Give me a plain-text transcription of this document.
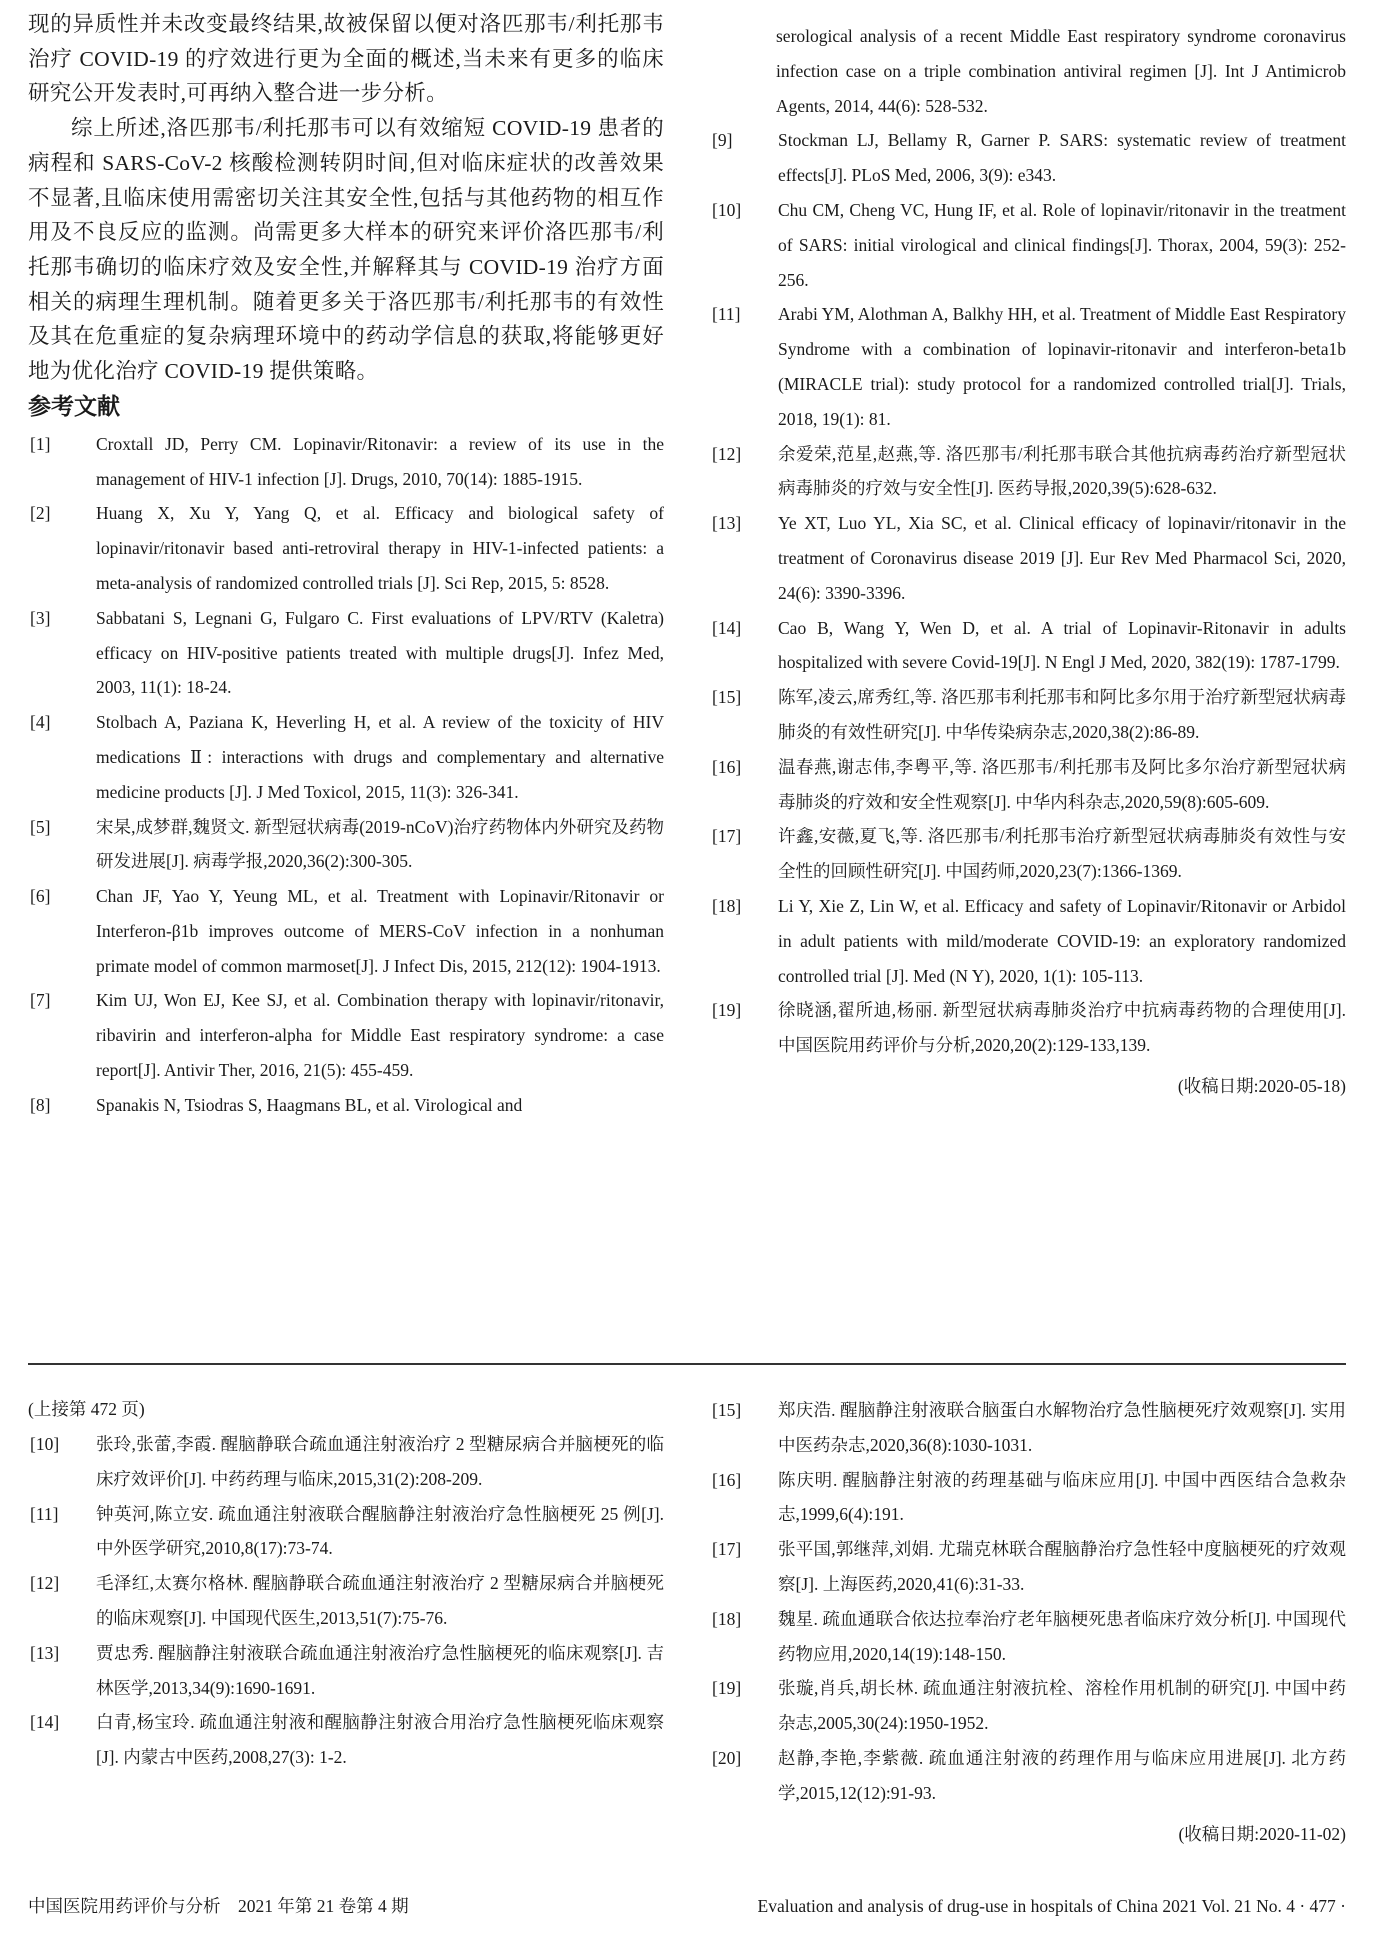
现的异质性并未改变最终结果,故被保留以便对洛匹那韦/利托那韦治疗 COVID-19 的疗效进行更为全面的概述,当未来有更多的临床研究公开发表时,可再纳入整合进一步分析。

综上所述,洛匹那韦/利托那韦可以有效缩短 COVID-19 患者的病程和 SARS-CoV-2 核酸检测转阴时间,但对临床症状的改善效果不显著,且临床使用需密切关注其安全性,包括与其他药物的相互作用及不良反应的监测。尚需更多大样本的研究来评价洛匹那韦/利托那韦确切的临床疗效及安全性,并解释其与 COVID-19 治疗方面相关的病理生理机制。随着更多关于洛匹那韦/利托那韦的有效性及其在危重症的复杂病理环境中的药动学信息的获取,将能够更好地为优化治疗 COVID-19 提供策略。

参考文献
[1]	Croxtall JD, Perry CM. Lopinavir/Ritonavir: a review of its use in the management of HIV-1 infection [J]. Drugs, 2010, 70(14): 1885-1915.
[2]	Huang X, Xu Y, Yang Q, et al. Efficacy and biological safety of lopinavir/ritonavir based anti-retroviral therapy in HIV-1-infected patients: a meta-analysis of randomized controlled trials [J]. Sci Rep, 2015, 5: 8528.
[3]	Sabbatani S, Legnani G, Fulgaro C. First evaluations of LPV/RTV (Kaletra) efficacy on HIV-positive patients treated with multiple drugs[J]. Infez Med, 2003, 11(1): 18-24.
[4]	Stolbach A, Paziana K, Heverling H, et al. A review of the toxicity of HIV medications Ⅱ: interactions with drugs and complementary and alternative medicine products [J]. J Med Toxicol, 2015, 11(3): 326-341.
[5]	宋杲,成梦群,魏贤文. 新型冠状病毒(2019-nCoV)治疗药物体内外研究及药物研发进展[J]. 病毒学报,2020,36(2):300-305.
[6]	Chan JF, Yao Y, Yeung ML, et al. Treatment with Lopinavir/Ritonavir or Interferon-β1b improves outcome of MERS-CoV infection in a nonhuman primate model of common marmoset[J]. J Infect Dis, 2015, 212(12): 1904-1913.
[7]	Kim UJ, Won EJ, Kee SJ, et al. Combination therapy with lopinavir/ritonavir, ribavirin and interferon-alpha for Middle East respiratory syndrome: a case report[J]. Antivir Ther, 2016, 21(5): 455-459.
[8]	Spanakis N, Tsiodras S, Haagmans BL, et al. Virological and
serological analysis of a recent Middle East respiratory syndrome coronavirus infection case on a triple combination antiviral regimen [J]. Int J Antimicrob Agents, 2014, 44(6): 528-532.
[9]	Stockman LJ, Bellamy R, Garner P. SARS: systematic review of treatment effects[J]. PLoS Med, 2006, 3(9): e343.
[10]	Chu CM, Cheng VC, Hung IF, et al. Role of lopinavir/ritonavir in the treatment of SARS: initial virological and clinical findings[J]. Thorax, 2004, 59(3): 252-256.
[11]	Arabi YM, Alothman A, Balkhy HH, et al. Treatment of Middle East Respiratory Syndrome with a combination of lopinavir-ritonavir and interferon-beta1b (MIRACLE trial): study protocol for a randomized controlled trial[J]. Trials, 2018, 19(1): 81.
[12]	余爱荣,范星,赵燕,等. 洛匹那韦/利托那韦联合其他抗病毒药治疗新型冠状病毒肺炎的疗效与安全性[J]. 医药导报,2020,39(5):628-632.
[13]	Ye XT, Luo YL, Xia SC, et al. Clinical efficacy of lopinavir/ritonavir in the treatment of Coronavirus disease 2019 [J]. Eur Rev Med Pharmacol Sci, 2020, 24(6): 3390-3396.
[14]	Cao B, Wang Y, Wen D, et al. A trial of Lopinavir-Ritonavir in adults hospitalized with severe Covid-19[J]. N Engl J Med, 2020, 382(19): 1787-1799.
[15]	陈军,凌云,席秀红,等. 洛匹那韦利托那韦和阿比多尔用于治疗新型冠状病毒肺炎的有效性研究[J]. 中华传染病杂志,2020,38(2):86-89.
[16]	温春燕,谢志伟,李粤平,等. 洛匹那韦/利托那韦及阿比多尔治疗新型冠状病毒肺炎的疗效和安全性观察[J]. 中华内科杂志,2020,59(8):605-609.
[17]	许鑫,安薇,夏飞,等. 洛匹那韦/利托那韦治疗新型冠状病毒肺炎有效性与安全性的回顾性研究[J]. 中国药师,2020,23(7):1366-1369.
[18]	Li Y, Xie Z, Lin W, et al. Efficacy and safety of Lopinavir/Ritonavir or Arbidol in adult patients with mild/moderate COVID-19: an exploratory randomized controlled trial [J]. Med (N Y), 2020, 1(1): 105-113.
[19]	徐晓涵,翟所迪,杨丽. 新型冠状病毒肺炎治疗中抗病毒药物的合理使用[J]. 中国医院用药评价与分析,2020,20(2):129-133,139.
(收稿日期:2020-05-18)
(上接第 472 页)
[10]	张玲,张蕾,李霞. 醒脑静联合疏血通注射液治疗 2 型糖尿病合并脑梗死的临床疗效评价[J]. 中药药理与临床,2015,31(2):208-209.
[11]	钟英河,陈立安. 疏血通注射液联合醒脑静注射液治疗急性脑梗死 25 例[J]. 中外医学研究,2010,8(17):73-74.
[12]	毛泽红,太赛尔格林. 醒脑静联合疏血通注射液治疗 2 型糖尿病合并脑梗死的临床观察[J]. 中国现代医生,2013,51(7):75-76.
[13]	贾忠秀. 醒脑静注射液联合疏血通注射液治疗急性脑梗死的临床观察[J]. 吉林医学,2013,34(9):1690-1691.
[14]	白青,杨宝玲. 疏血通注射液和醒脑静注射液合用治疗急性脑梗死临床观察[J]. 内蒙古中医药,2008,27(3): 1-2.
[15]	郑庆浩. 醒脑静注射液联合脑蛋白水解物治疗急性脑梗死疗效观察[J]. 实用中医药杂志,2020,36(8):1030-1031.
[16]	陈庆明. 醒脑静注射液的药理基础与临床应用[J]. 中国中西医结合急救杂志,1999,6(4):191.
[17]	张平国,郭继萍,刘娟. 尤瑞克林联合醒脑静治疗急性轻中度脑梗死的疗效观察[J]. 上海医药,2020,41(6):31-33.
[18]	魏星. 疏血通联合依达拉奉治疗老年脑梗死患者临床疗效分析[J]. 中国现代药物应用,2020,14(19):148-150.
[19]	张璇,肖兵,胡长林. 疏血通注射液抗栓、溶栓作用机制的研究[J]. 中国中药杂志,2005,30(24):1950-1952.
[20]	赵静,李艳,李紫薇. 疏血通注射液的药理作用与临床应用进展[J]. 北方药学,2015,12(12):91-93.
(收稿日期:2020-11-02)
中国医院用药评价与分析　2021 年第 21 卷第 4 期	Evaluation and analysis of drug-use in hospitals of China 2021 Vol. 21 No. 4 · 477 ·
